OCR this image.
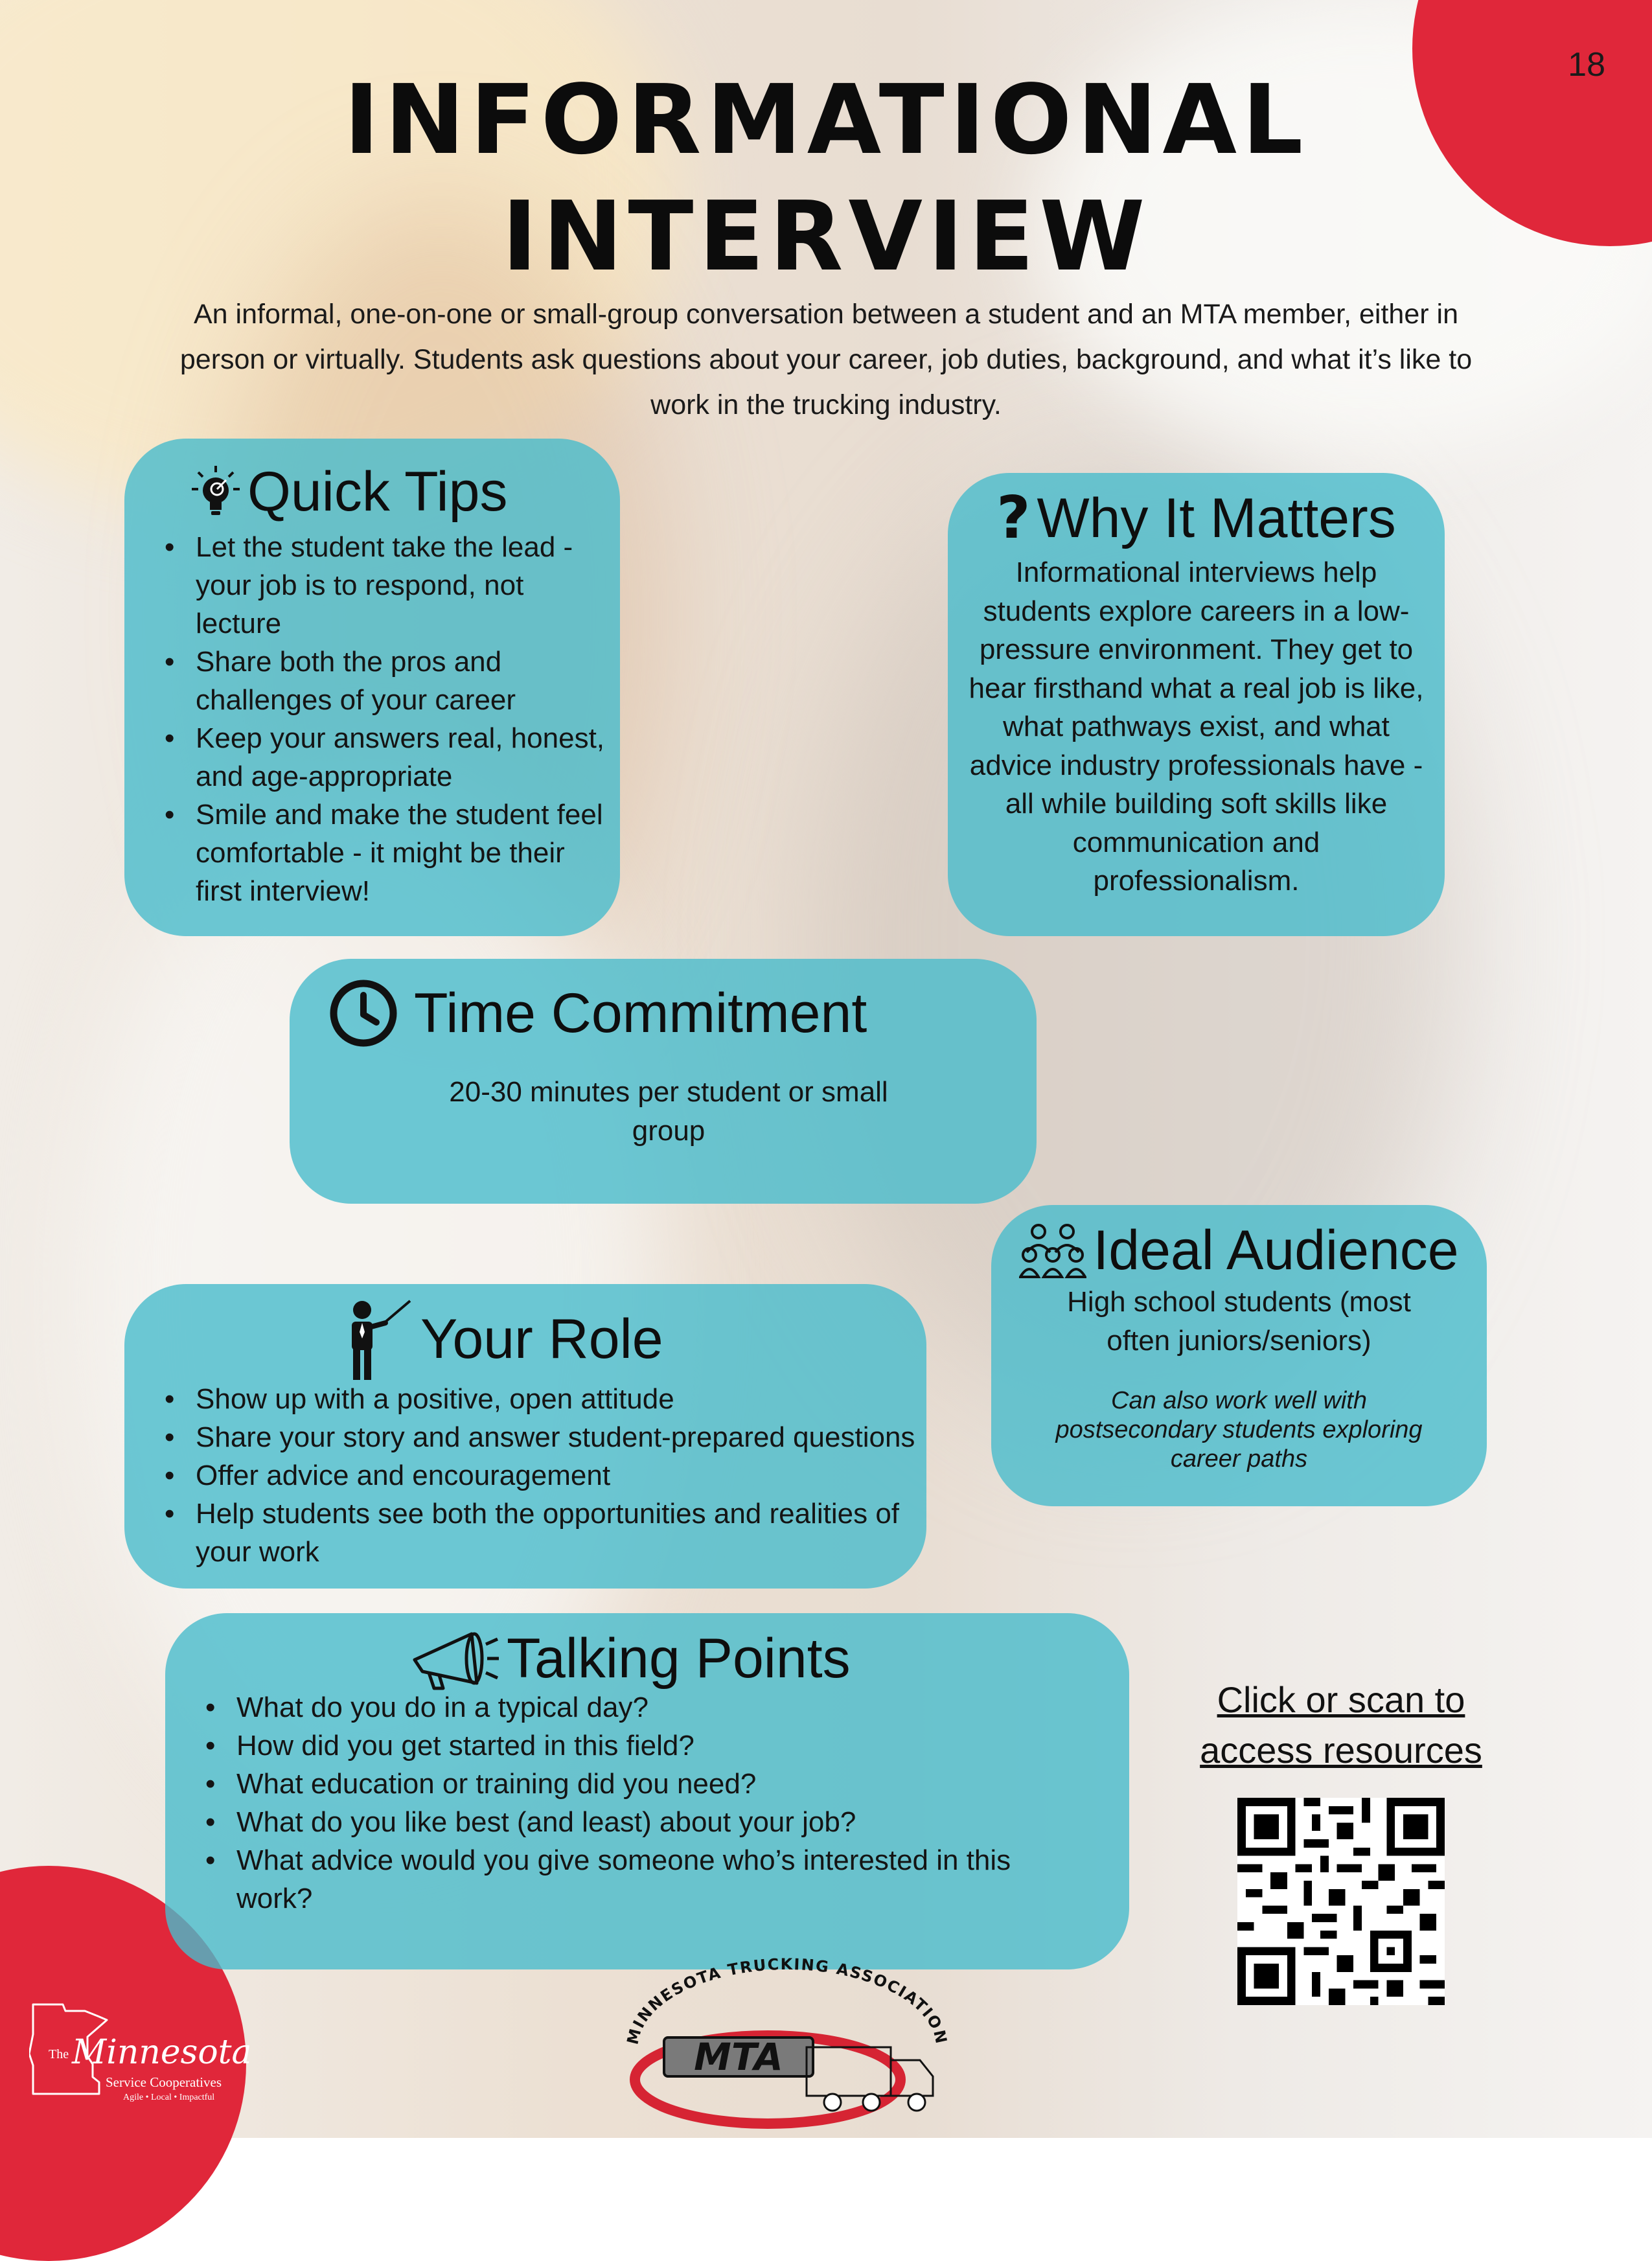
18
INFORMATIONAL
INTERVIEW
An informal, one-on-one or small-group conversation between a student and an MTA member, either in person or virtually. Students ask questions about your career, job duties, background, and what it’s like to work in the trucking industry.
Quick Tips
• Let the student take the lead - your job is to respond, not lecture
• Share both the pros and challenges of your career
• Keep your answers real, honest, and age-appropriate
• Smile and make the student feel comfortable - it might be their first interview!
? Why It Matters

Informational interviews help students explore careers in a low-pressure environment. They get to hear firsthand what a real job is like, what pathways exist, and what advice industry professionals have - all while building soft skills like communication and professionalism.

Time Commitment
20-30 minutes per student or small
group
Ideal Audience

High school students (most often juniors/seniors)

Can also work well with postsecondary students exploring career paths

Your Role
• Show up with a positive, open attitude
• Share your story and answer student-prepared questions
• Offer advice and encouragement
• Help students see both the opportunities and realities of your work
Talking Points
• What do you do in a typical day?
• How did you get started in this field?
• What education or training did you need?
• What do you like best (and least) about your job?
• What advice would you give someone who’s interested in this work?
Click or scan to
access resources
MINNESOTA TRUCKING ASSOCIATION
MTA
The Minnesota
Service Cooperatives
Agile • Local • Impactful
